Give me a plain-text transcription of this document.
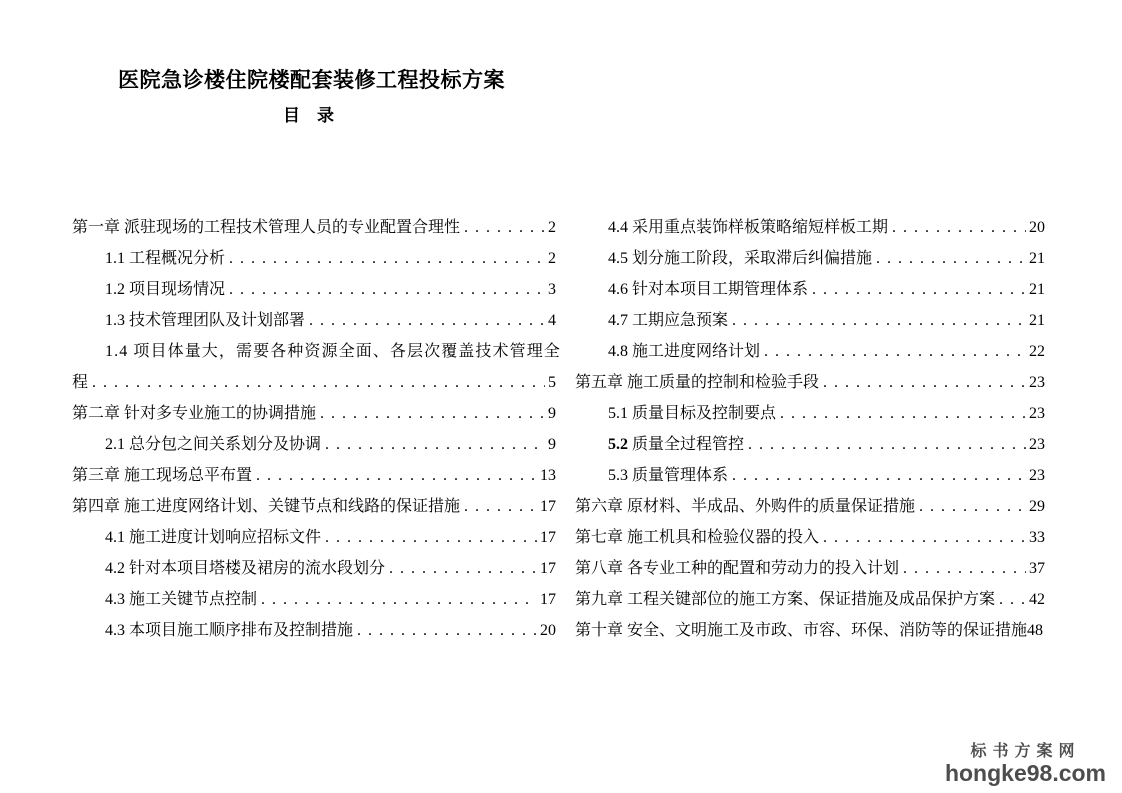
医院急诊楼住院楼配套装修工程投标方案
目　录
第一章 派驻现场的工程技术管理人员的专业配置合理性 . . .	2
1.1 工程概况分析 . . .	2
1.2 项目现场情况 . . .	3
1.3 技术管理团队及计划部署 . . .	4
1.4 项目体量大，需要各种资源全面、各层次覆盖技术管理全
程 . . .	5
第二章 针对多专业施工的协调措施 . . .	9
2.1 总分包之间关系划分及协调 . . .	9
第三章 施工现场总平布置 . . .	13
第四章 施工进度网络计划、关键节点和线路的保证措施 . . .	17
4.1 施工进度计划响应招标文件 . . .	17
4.2 针对本项目塔楼及裙房的流水段划分 . . .	17
4.3 施工关键节点控制 . . .	17
4.3 本项目施工顺序排布及控制措施 . . .	20
4.4 采用重点装饰样板策略缩短样板工期 . . .	20
4.5 划分施工阶段，采取滞后纠偏措施 . . .	21
4.6 针对本项目工期管理体系 . . .	21
4.7 工期应急预案 . . .	21
4.8 施工进度网络计划 . . .	22
第五章 施工质量的控制和检验手段 . . .	23
5.1 质量目标及控制要点 . . .	23
5.2 质量全过程管控 . . .	23
5.3 质量管理体系 . . .	23
第六章 原材料、半成品、外购件的质量保证措施 . . .	29
第七章 施工机具和检验仪器的投入 . . .	33
第八章 各专业工种的配置和劳动力的投入计划 . . .	37
第九章 工程关键部位的施工方案、保证措施及成品保护方案 . . . 42
第十章 安全、文明施工及市政、市容、环保、消防等的保证措施 48
标书方案网
hongke98.com
